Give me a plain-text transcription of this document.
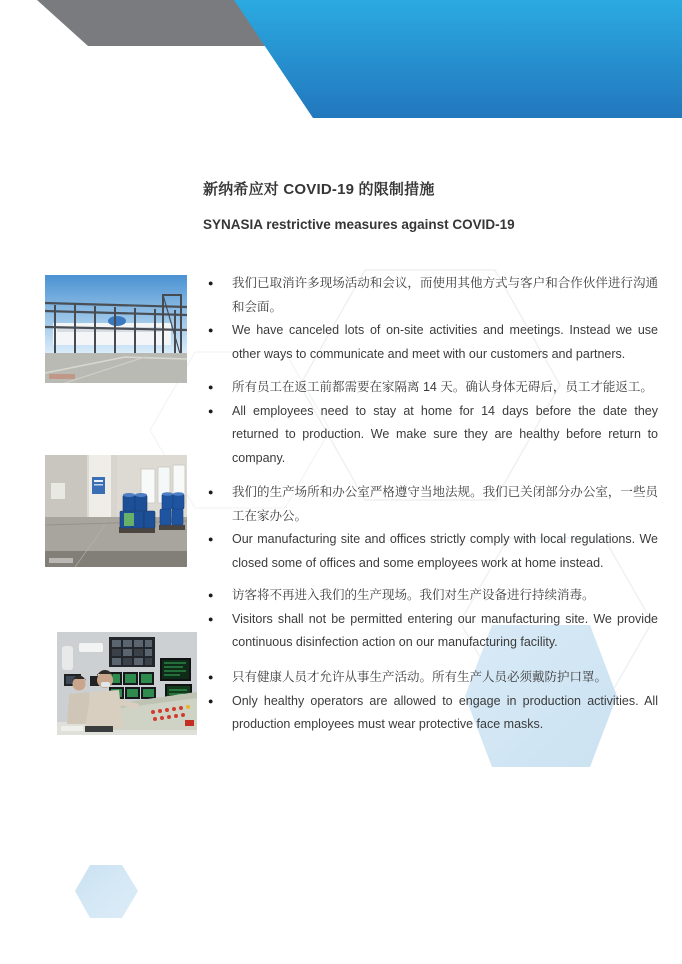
新纳希应对 COVID-19 的限制措施
SYNASIA restrictive measures against COVID-19
● 我们已取消许多现场活动和会议，而使用其他方式与客户和合作伙伴进行沟通和会面。
● We have canceled lots of on-site activities and meetings. Instead we use other ways to communicate and meet with our customers and partners.
● 所有员工在返工前都需要在家隔离 14 天。确认身体无碍后，员工才能返工。
● All employees need to stay at home for 14 days before the date they returned to production. We make sure they are healthy before return to company.
● 我们的生产场所和办公室严格遵守当地法规。我们已关闭部分办公室，一些员工在家办公。
● Our manufacturing site and offices strictly comply with local regulations. We closed some of offices and some employees work at home instead.
● 访客将不再进入我们的生产现场。我们对生产设备进行持续消毒。
● Visitors shall not be permitted entering our manufacturing site. We provide continuous disinfection action on our manufacturing facility.
● 只有健康人员才允许从事生产活动。所有生产人员必须戴防护口罩。
● Only healthy operators are allowed to engage in production activities. All production employees must wear protective face masks.
